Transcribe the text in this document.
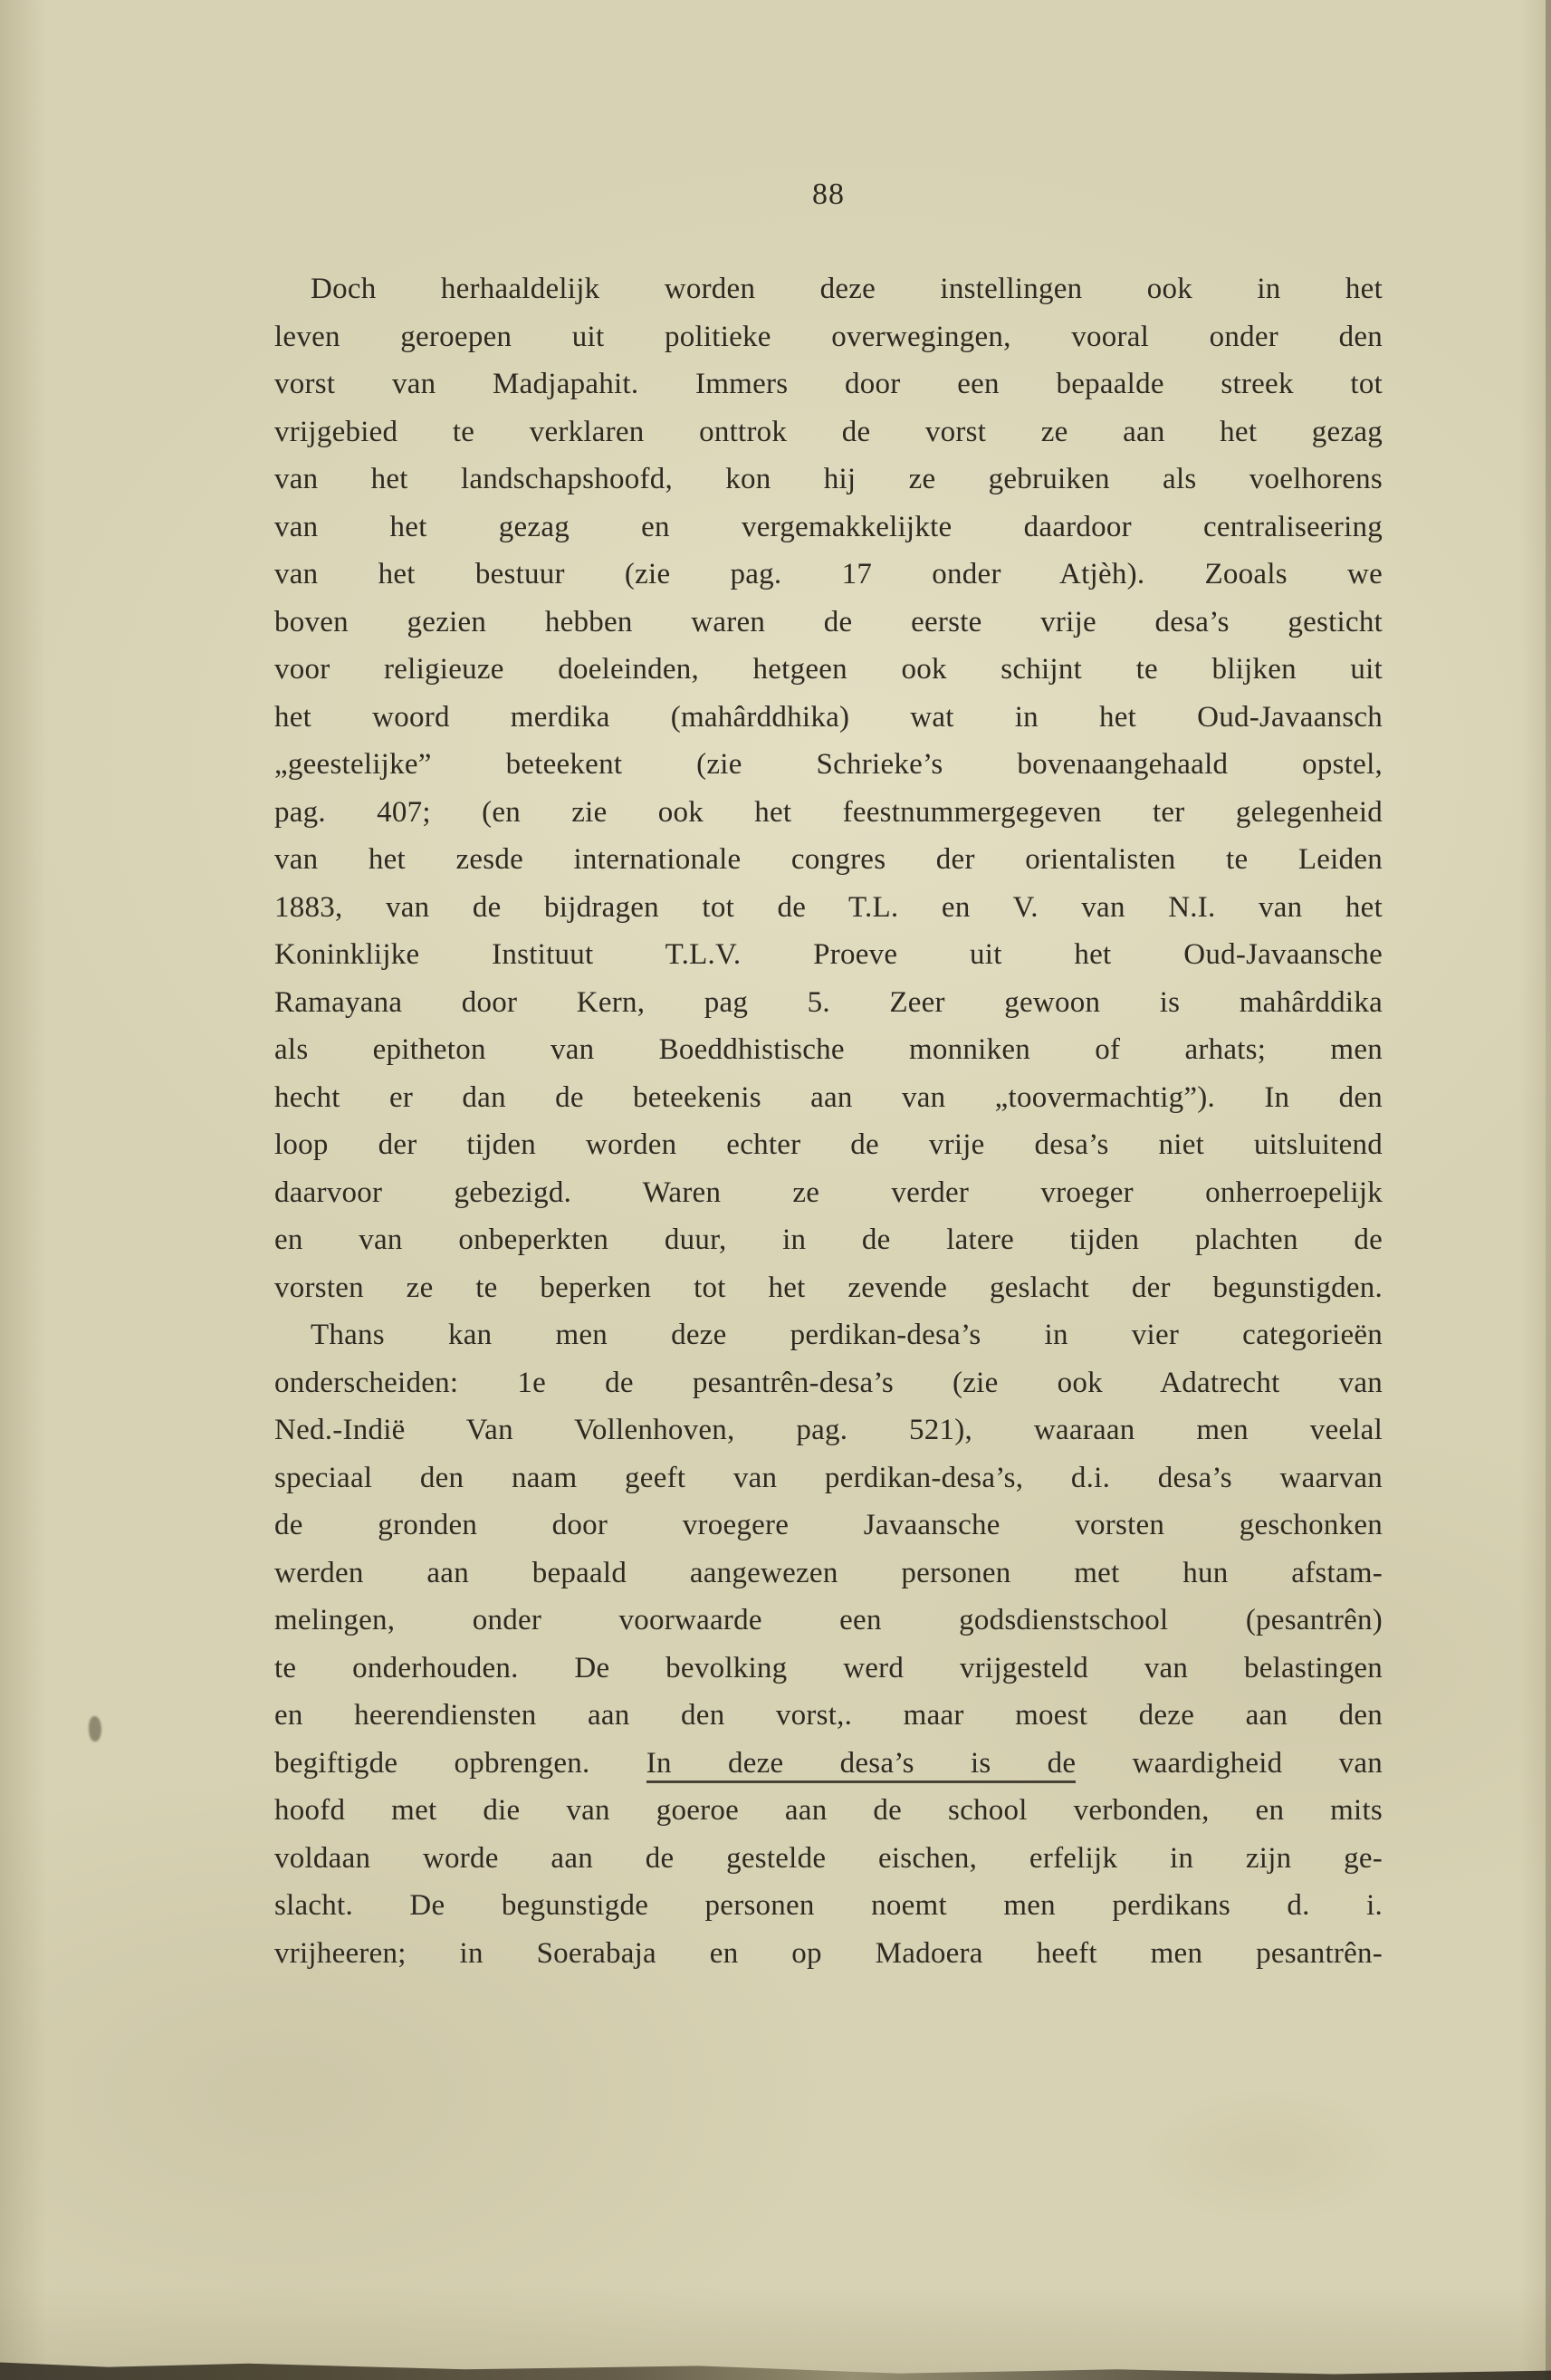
88
Doch herhaaldelijk worden deze instellingen ook in het
leven geroepen uit politieke overwegingen, vooral onder den
vorst van Madjapahit. Immers door een bepaalde streek tot
vrijgebied te verklaren onttrok de vorst ze aan het gezag
van het landschapshoofd, kon hij ze gebruiken als voelhorens
van het gezag en vergemakkelijkte daardoor centraliseering
van het bestuur (zie pag. 17 onder Atjèh). Zooals we
boven gezien hebben waren de eerste vrije desa’s gesticht
voor religieuze doeleinden, hetgeen ook schijnt te blijken uit
het woord merdika (mahârddhika) wat in het Oud-Javaansch
„geestelijke” beteekent (zie Schrieke’s bovenaangehaald opstel,
pag. 407; (en zie ook het feestnummergegeven ter gelegenheid
van het zesde internationale congres der orientalisten te Leiden
1883, van de bijdragen tot de T.L. en V. van N.I. van het
Koninklijke Instituut T.L.V. Proeve uit het Oud-Javaansche
Ramayana door Kern, pag 5. Zeer gewoon is mahârddika
als epitheton van Boeddhistische monniken of arhats; men
hecht er dan de beteekenis aan van „toovermachtig”). In den
loop der tijden worden echter de vrije desa’s niet uitsluitend
daarvoor gebezigd. Waren ze verder vroeger onherroepelijk
en van onbeperkten duur, in de latere tijden plachten de
vorsten ze te beperken tot het zevende geslacht der begunstigden.
Thans kan men deze perdikan-desa’s in vier categorieën
onderscheiden: 1e de pesantrên-desa’s (zie ook Adatrecht van
Ned.-Indië Van Vollenhoven, pag. 521), waaraan men veelal
speciaal den naam geeft van perdikan-desa’s, d.i. desa’s waarvan
de gronden door vroegere Javaansche vorsten geschonken
werden aan bepaald aangewezen personen met hun afstam-
melingen, onder voorwaarde een godsdienstschool (pesantrên)
te onderhouden. De bevolking werd vrijgesteld van belastingen
en heerendiensten aan den vorst,. maar moest deze aan den
begiftigde opbrengen. In deze desa’s is de waardigheid van
hoofd met die van goeroe aan de school verbonden, en mits
voldaan worde aan de gestelde eischen, erfelijk in zijn ge-
slacht. De begunstigde personen noemt men perdikans d. i.
vrijheeren; in Soerabaja en op Madoera heeft men pesantrên-
